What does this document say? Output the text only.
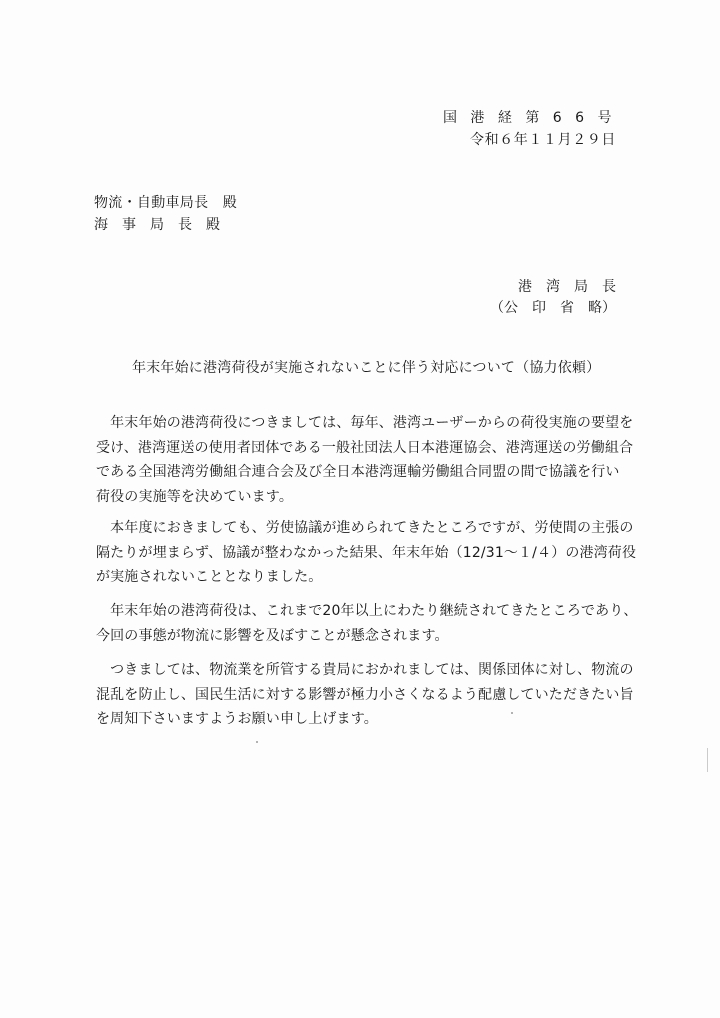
国 港 経 第 6 6 号
令和６年１１月２９日
物流・自動車局長　殿
海　事　局　長　殿
港　湾　局　長
（公　印　省　略）
年末年始に港湾荷役が実施されないことに伴う対応について（協力依頼）
　年末年始の港湾荷役につきましては、毎年、港湾ユーザーからの荷役実施の要望を
受け、港湾運送の使用者団体である一般社団法人日本港運協会、港湾運送の労働組合
である全国港湾労働組合連合会及び全日本港湾運輸労働組合同盟の間で協議を行い
荷役の実施等を決めています。
　本年度におきましても、労使協議が進められてきたところですが、労使間の主張の
隔たりが埋まらず、協議が整わなかった結果、年末年始（12/31～１/４）の港湾荷役
が実施されないこととなりました。
　年末年始の港湾荷役は、これまで20年以上にわたり継続されてきたところであり、
今回の事態が物流に影響を及ぼすことが懸念されます。
　つきましては、物流業を所管する貴局におかれましては、関係団体に対し、物流の
混乱を防止し、国民生活に対する影響が極力小さくなるよう配慮していただきたい旨
を周知下さいますようお願い申し上げます。
